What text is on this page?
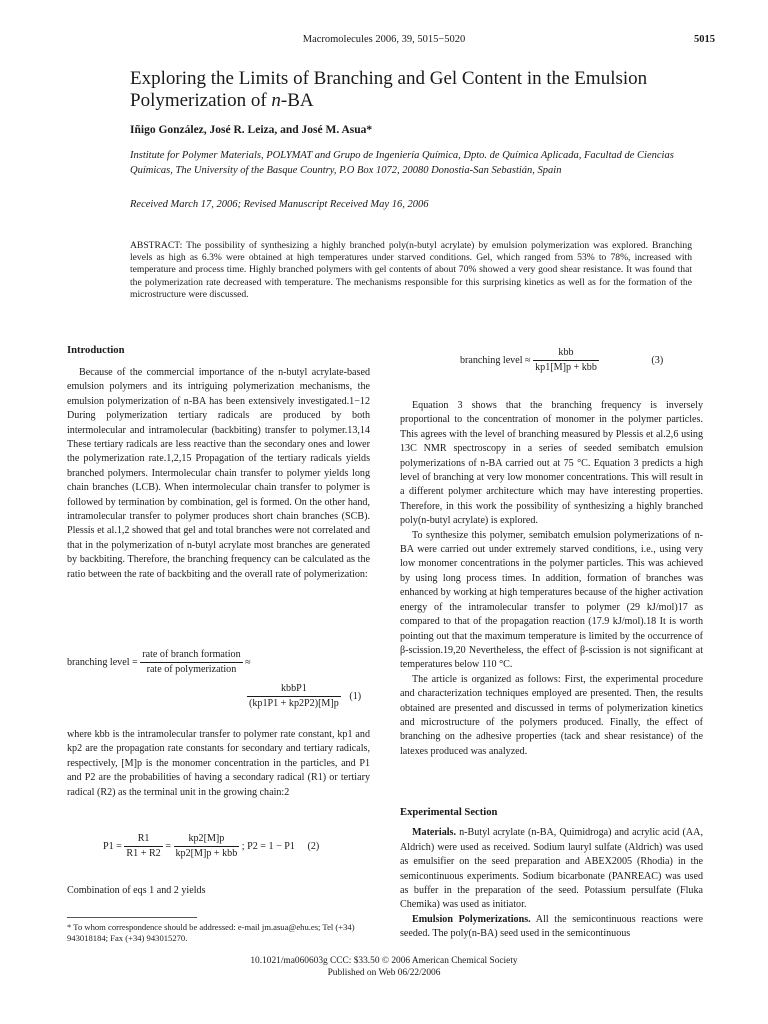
Macromolecules 2006, 39, 5015−5020	5015
Exploring the Limits of Branching and Gel Content in the Emulsion Polymerization of n-BA
Iñigo González, José R. Leiza, and José M. Asua*
Institute for Polymer Materials, POLYMAT and Grupo de Ingeniería Química, Dpto. de Química Aplicada, Facultad de Ciencias Químicas, The University of the Basque Country, P.O Box 1072, 20080 Donostia-San Sebastián, Spain
Received March 17, 2006; Revised Manuscript Received May 16, 2006
ABSTRACT: The possibility of synthesizing a highly branched poly(n-butyl acrylate) by emulsion polymerization was explored. Branching levels as high as 6.3% were obtained at high temperatures under starved conditions. Gel, which ranged from 53% to 78%, increased with temperature and process time. Highly branched polymers with gel contents of about 70% showed a very good shear resistance. It was found that the polymerization rate decreased with temperature. The mechanisms responsible for this surprising kinetics as well as for the formation of the microstructure were discussed.
Introduction

Because of the commercial importance of the n-butyl acrylate-based emulsion polymers and its intriguing polymerization mechanisms, the emulsion polymerization of n-BA has been extensively investigated.1−12 During polymerization tertiary radicals are produced by both intermolecular and intramolecular (backbiting) transfer to polymer.13,14 These tertiary radicals are less reactive than the secondary ones and lower the polymerization rate.1,2,15 Propagation of the tertiary radicals yields branched polymers. Intermolecular chain transfer to polymer yields long chain branches (LCB). When intermolecular chain transfer to polymer is followed by termination by combination, gel is formed. On the other hand, intramolecular transfer to polymer produces short chain branches (SCB). Plessis et al.1,2 showed that gel and total branches were not correlated and that in the polymerization of n-butyl acrylate most branches are generated by backbiting. Therefore, the branching frequency can be calculated as the ratio between the rate of backbiting and the overall rate of polymerization:

branching level = $\frac{\text{rate of branch formation}}{\text{rate of polymerization}}$ ≈
$\frac{\text{kbbP1}}{(kp1P1 + kp2P2)[M]p} (1)$

where kbb is the intramolecular transfer to polymer rate constant, kp1 and kp2 are the propagation rate constants for secondary and tertiary radicals, respectively, [M]p is the monomer concentration in the particles, and P1 and P2 are the probabilities of having a secondary radical (R1) or tertiary radical (R2) as the terminal unit in the growing chain:2

$P1 = \frac{R1}{R1 + R2} = \frac{kp2[M]p}{\text{kp2[M]p + kbb}}$ ; P2 = 1 − P1 (2)

Combination of eqs 1 and 2 yields

* To whom correspondence should be addressed: e-mail jm.asua@ehu.es; Tel (+34) 943018184; Fax (+34) 943015270.
branching level ≈ $\frac{\text{kbb}}{\text{kp1[M]p + kbb}}$	(3)

Equation 3 shows that the branching frequency is inversely proportional to the concentration of monomer in the polymer particles. This agrees with the level of branching measured by Plessis et al.2,6 using 13C NMR spectroscopy in a series of seeded semibatch emulsion polymerizations of n-BA carried out at 75 °C. Equation 3 predicts a high level of branching at very low monomer concentrations. This will result in a different polymer architecture which may have interesting properties. Therefore, in this work the possibility of synthesizing a highly branched poly(n-butyl acrylate) is explored.

To synthesize this polymer, semibatch emulsion polymerizations of n-BA were carried out under extremely starved conditions, i.e., using very low monomer concentrations in the polymer particles. This was achieved by using long process times. In addition, formation of branches was enhanced by working at high temperatures because of the higher activation energy of the intramolecular transfer to polymer (29 kJ/mol)17 as compared to that of the propagation reaction (17.9 kJ/mol).18 It is worth pointing out that the maximum temperature is limited by the occurrence of β-scission.19,20 Nevertheless, the effect of β-scission is not significant at temperatures below 110 °C.

The article is organized as follows: First, the experimental procedure and characterization techniques employed are presented. Then, the results obtained are presented and discussed in terms of polymerization kinetics and microstructure of the polymers produced. Finally, the effect of branching on the adhesive properties (tack and shear resistance) of the latexes produced was analyzed.

Experimental Section

Materials. n-Butyl acrylate (n-BA, Quimidroga) and acrylic acid (AA, Aldrich) were used as received. Sodium lauryl sulfate (Aldrich) was used as emulsifier on the seed preparation and ABEX2005 (Rhodia) in the semicontinuous experiments. Sodium bicarbonate (PANREAC) was used as buffer in the preparation of the seed. Potassium persulfate (Fluka Chemika) was used as initiator.

Emulsion Polymerizations. All the semicontinuous reactions were seeded. The poly(n-BA) seed used in the semicontinuous

10.1021/ma060603g CCC: $33.50 © 2006 American Chemical Society
Published on Web 06/22/2006
